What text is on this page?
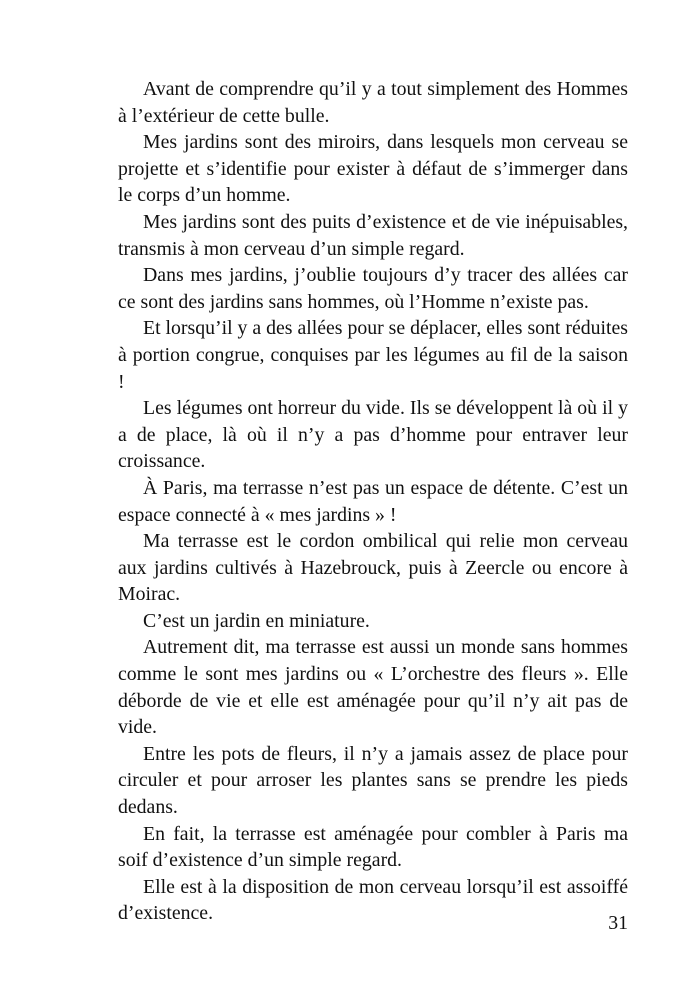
Avant de comprendre qu’il y a tout simplement des Hommes à l’extérieur de cette bulle.

Mes jardins sont des miroirs, dans lesquels mon cerveau se projette et s’identifie pour exister à défaut de s’immerger dans le corps d’un homme.

Mes jardins sont des puits d’existence et de vie inépuisables, transmis à mon cerveau d’un simple regard.

Dans mes jardins, j’oublie toujours d’y tracer des allées car ce sont des jardins sans hommes, où l’Homme n’existe pas.

Et lorsqu’il y a des allées pour se déplacer, elles sont réduites à portion congrue, conquises par les légumes au fil de la saison !

Les légumes ont horreur du vide. Ils se développent là où il y a de place, là où il n’y a pas d’homme pour entraver leur croissance.

À Paris, ma terrasse n’est pas un espace de détente. C’est un espace connecté à « mes jardins » !

Ma terrasse est le cordon ombilical qui relie mon cerveau aux jardins cultivés à Hazebrouck, puis à Zeercle ou encore à Moirac.

C’est un jardin en miniature.

Autrement dit, ma terrasse est aussi un monde sans hommes comme le sont mes jardins ou « L’orchestre des fleurs ». Elle déborde de vie et elle est aménagée pour qu’il n’y ait pas de vide.

Entre les pots de fleurs, il n’y a jamais assez de place pour circuler et pour arroser les plantes sans se prendre les pieds dedans.

En fait, la terrasse est aménagée pour combler à Paris ma soif d’existence d’un simple regard.

Elle est à la disposition de mon cerveau lorsqu’il est assoiffé d’existence.	31
